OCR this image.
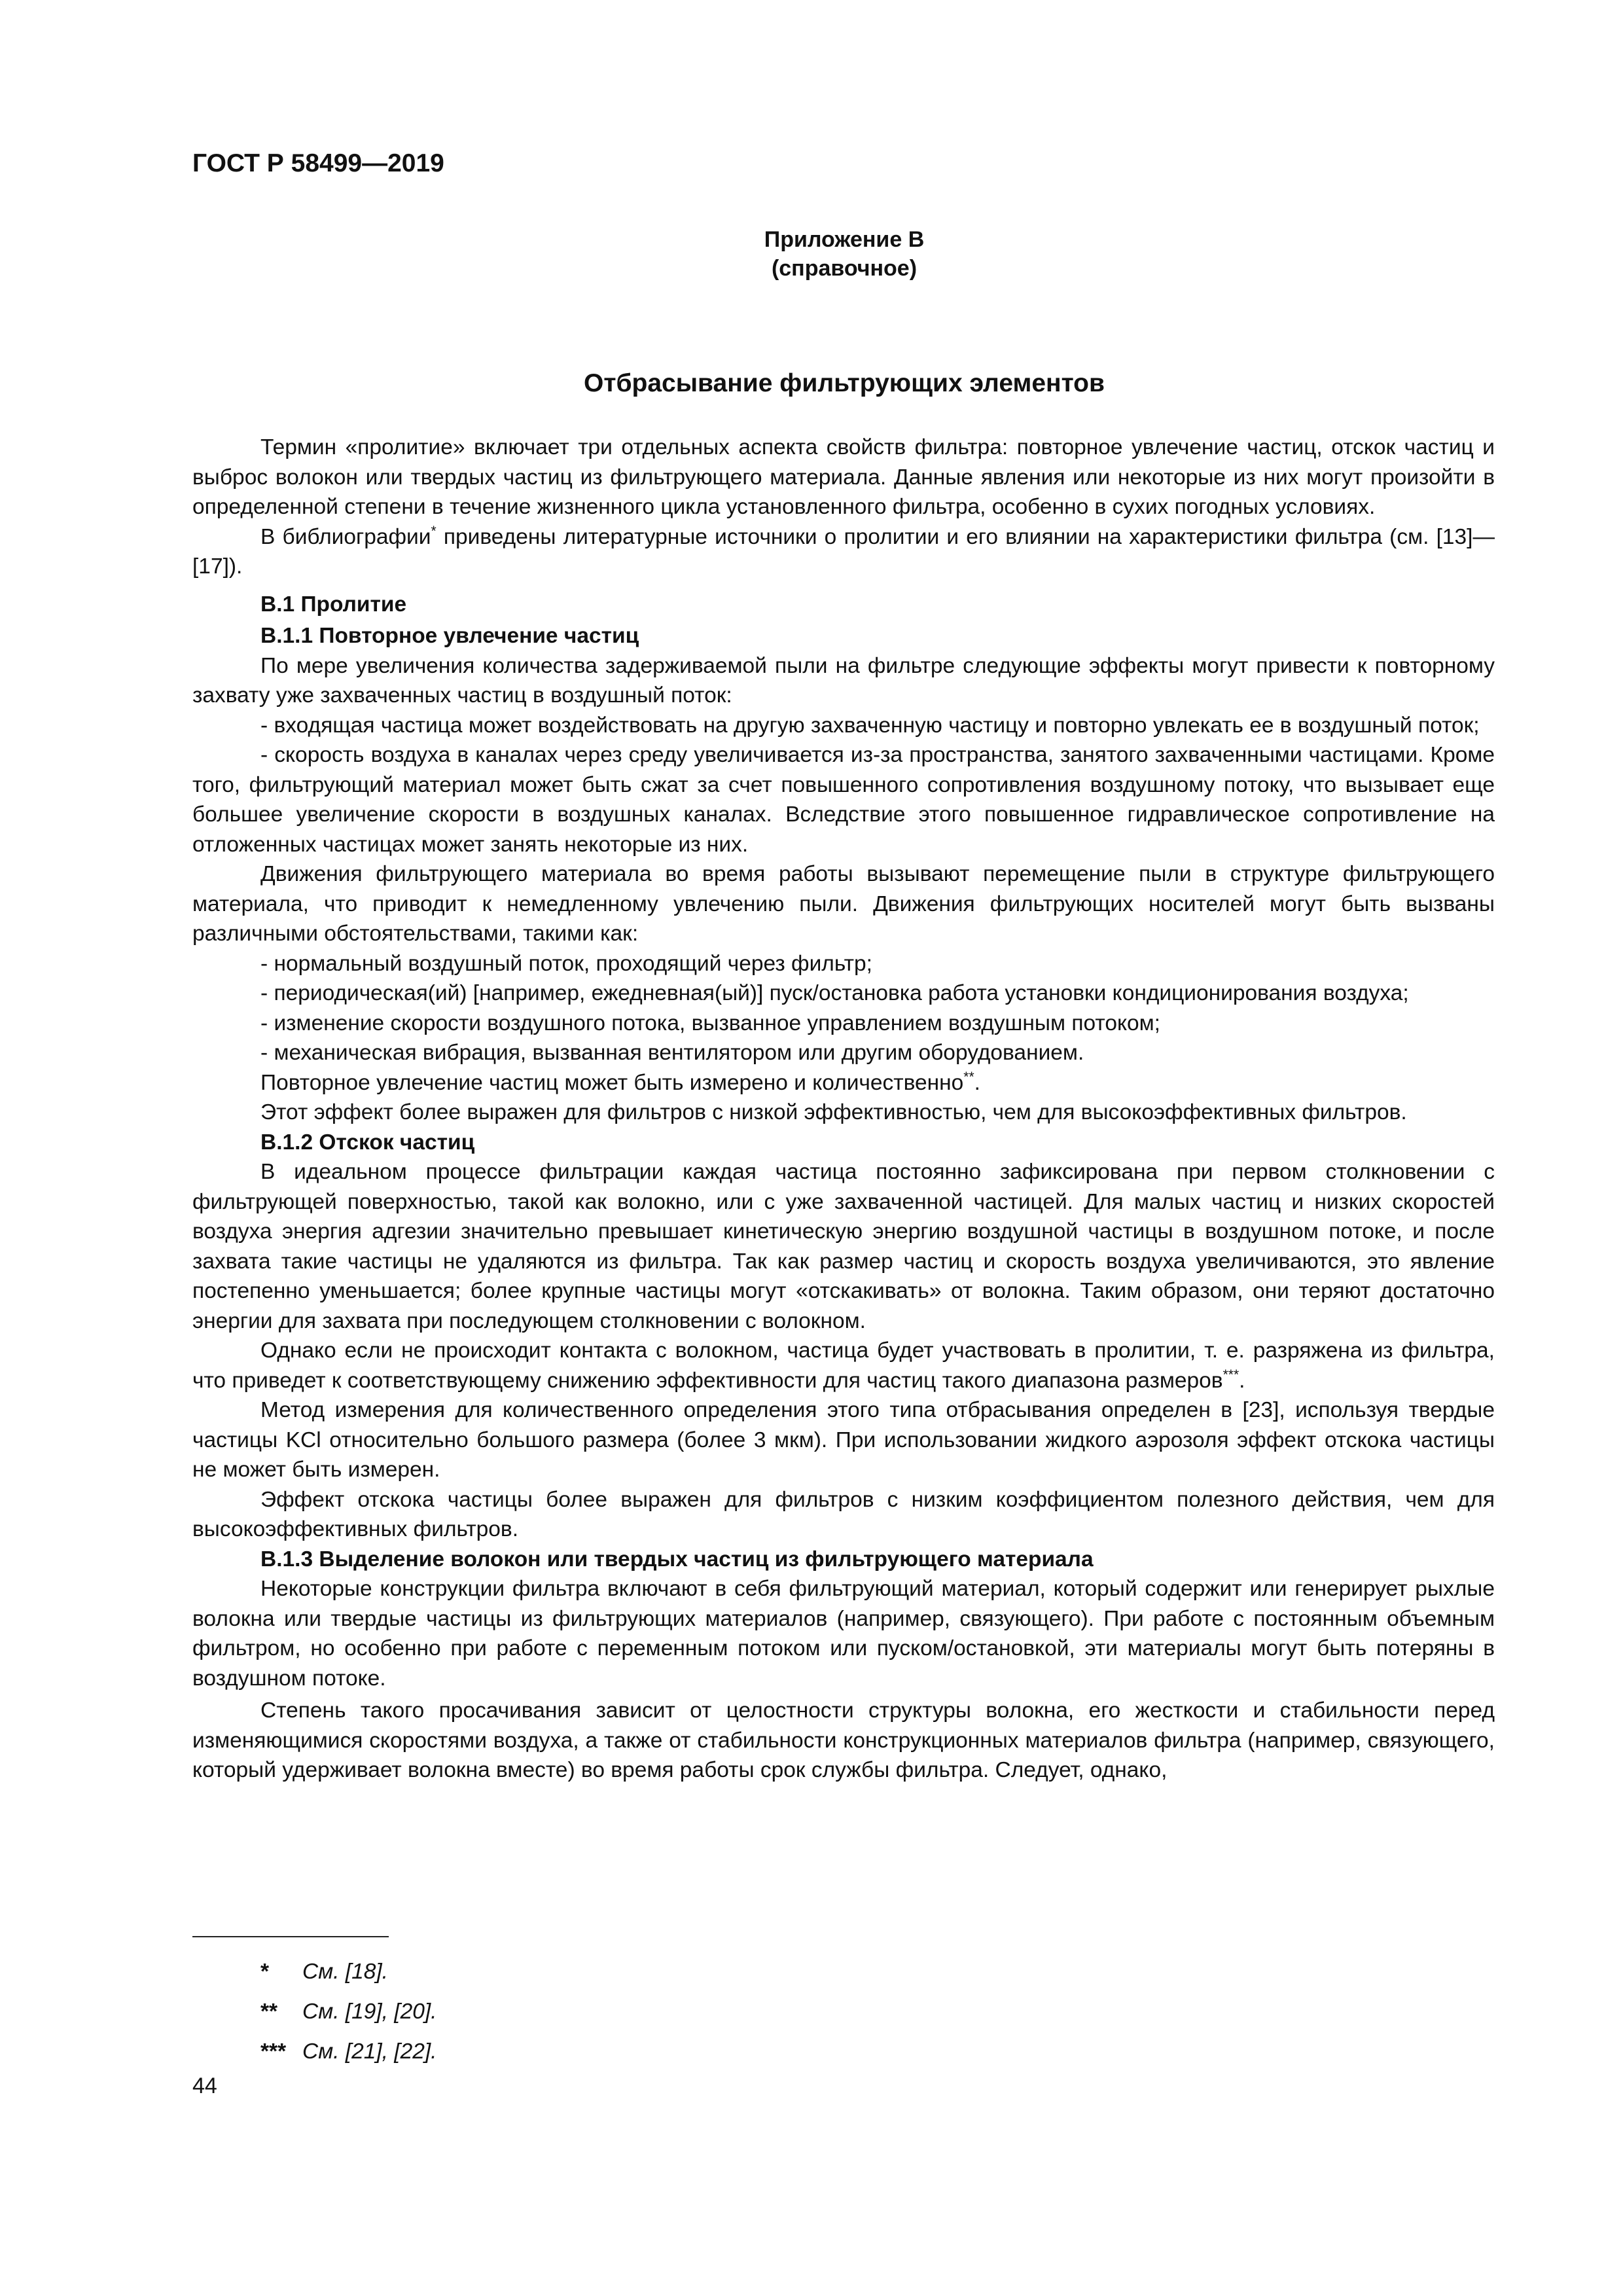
ГОСТ Р 58499—2019
Приложение В
(справочное)
Отбрасывание фильтрующих элементов

Термин «пролитие» включает три отдельных аспекта свойств фильтра: повторное увлечение частиц, отскок частиц и выброс волокон или твердых частиц из фильтрующего материала. Данные явления или некоторые из них могут произойти в определенной степени в течение жизненного цикла установленного фильтра, особенно в сухих погодных условиях.

В библиографии* приведены литературные источники о пролитии и его влиянии на характеристики фильтра (см. [13]—[17]).

В.1 Пролитие
В.1.1 Повторное увлечение частиц

По мере увеличения количества задерживаемой пыли на фильтре следующие эффекты могут привести к повторному захвату уже захваченных частиц в воздушный поток:

- входящая частица может воздействовать на другую захваченную частицу и повторно увлекать ее в воздушный поток;

- скорость воздуха в каналах через среду увеличивается из-за пространства, занятого захваченными частицами. Кроме того, фильтрующий материал может быть сжат за счет повышенного сопротивления воздушному потоку, что вызывает еще большее увеличение скорости в воздушных каналах. Вследствие этого повышенное гидравлическое сопротивление на отложенных частицах может занять некоторые из них.

Движения фильтрующего материала во время работы вызывают перемещение пыли в структуре фильтрующего материала, что приводит к немедленному увлечению пыли. Движения фильтрующих носителей могут быть вызваны различными обстоятельствами, такими как:

- нормальный воздушный поток, проходящий через фильтр;

- периодическая(ий) [например, ежедневная(ый)] пуск/остановка работа установки кондиционирования воздуха;

- изменение скорости воздушного потока, вызванное управлением воздушным потоком;

- механическая вибрация, вызванная вентилятором или другим оборудованием.

Повторное увлечение частиц может быть измерено и количественно**.

Этот эффект более выражен для фильтров с низкой эффективностью, чем для высокоэффективных фильтров.

В.1.2 Отскок частиц

В идеальном процессе фильтрации каждая частица постоянно зафиксирована при первом столкновении с фильтрующей поверхностью, такой как волокно, или с уже захваченной частицей. Для малых частиц и низких скоростей воздуха энергия адгезии значительно превышает кинетическую энергию воздушной частицы в воздушном потоке, и после захвата такие частицы не удаляются из фильтра. Так как размер частиц и скорость воздуха увеличиваются, это явление постепенно уменьшается; более крупные частицы могут «отскакивать» от волокна. Таким образом, они теряют достаточно энергии для захвата при последующем столкновении с волокном.

Однако если не происходит контакта с волокном, частица будет участвовать в пролитии, т. е. разряжена из фильтра, что приведет к соответствующему снижению эффективности для частиц такого диапазона размеров***.

Метод измерения для количественного определения этого типа отбрасывания определен в [23], используя твердые частицы KCl относительно большого размера (более 3 мкм). При использовании жидкого аэрозоля эффект отскока частицы не может быть измерен.

Эффект отскока частицы более выражен для фильтров с низким коэффициентом полезного действия, чем для высокоэффективных фильтров.

В.1.3 Выделение волокон или твердых частиц из фильтрующего материала

Некоторые конструкции фильтра включают в себя фильтрующий материал, который содержит или генерирует рыхлые волокна или твердые частицы из фильтрующих материалов (например, связующего). При работе с постоянным объемным фильтром, но особенно при работе с переменным потоком или пуском/остановкой, эти материалы могут быть потеряны в воздушном потоке.

Степень такого просачивания зависит от целостности структуры волокна, его жесткости и стабильности перед изменяющимися скоростями воздуха, а также от стабильности конструкционных материалов фильтра (например, связующего, который удерживает волокна вместе) во время работы срок службы фильтра. Следует, однако,

*	См. [18].
**	См. [19], [20].
*** См. [21], [22].

44
